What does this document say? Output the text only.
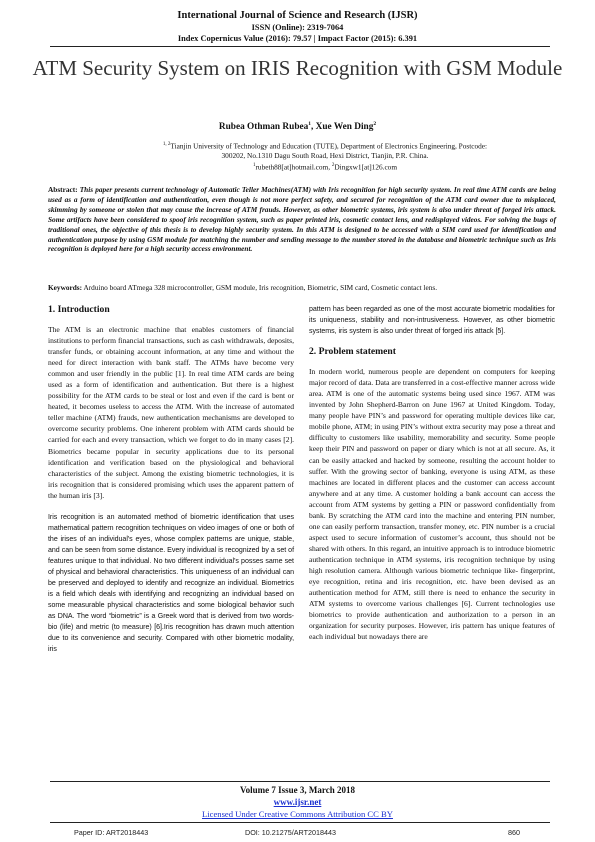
International Journal of Science and Research (IJSR)
ISSN (Online): 2319-7064
Index Copernicus Value (2016): 79.57 | Impact Factor (2015): 6.391
ATM Security System on IRIS Recognition with GSM Module
Rubea Othman Rubea$^1$, Xue Wen Ding$^2$
$^{1, 2}$Tianjin University of Technology and Education (TUTE), Department of Electronics Engineering, Postcode: 300202, No.1310 Dagu South Road, Hexi District, Tianjin, P.R. China.
$^1$rubeth88[at]hotmail.com, $^2$Dingxw1[at]126.com
Abstract: This paper presents current technology of Automatic Teller Machines(ATM) with Iris recognition for high security system. In real time ATM cards are being used as a form of identification and authentication, even though is not more perfect safety, and secured for recognition of the ATM card owner due to misplaced, skimming by someone or stolen that may cause the increase of ATM frauds. However, as other biometric systems, iris system is also under threat of forged iris attack. Some artifacts have been considered to spoof iris recognition system, such as paper printed iris, cosmetic contact lens, and redisplayed videos. For solving the bugs of traditional ones, the objective of this thesis is to develop highly security system. In this ATM is designed to be accessed with a SIM card used for identification and authentication purpose by using GSM module for matching the number and sending message to the number stored in the database and biometric technique such as Iris recognition is deployed here for a high security access environment.
Keywords: Arduino board ATmega 328 microcontroller, GSM module, Iris recognition, Biometric, SIM card, Cosmetic contact lens.
1. Introduction

The ATM is an electronic machine that enables customers of financial institutions to perform financial transactions, such as cash withdrawals, deposits, transfer funds, or obtaining account information, at any time and without the need for direct interaction with bank staff. The ATMs have become very common and user friendly in the public [1]. In real time ATM cards are being used as a form of identification and authentication. But there is a highest possibility for the ATM cards to be steal or lost and even if the card is bent or heated, it becomes useless to access the ATM. With the increase of automated teller machine (ATM) frauds, new authentication mechanisms are developed to overcome security problems. One inherent problem with ATM cards should be carried for each and every transaction, which we forget to do in many cases [2]. Biometrics became popular in security applications due to its personal identification and verification based on the physiological and behavioral characteristics of the subject. Among the existing biometric technologies, it is iris recognition that is considered promising which uses the apparent pattern of the human iris [3].

Iris recognition is an automated method of biometric identification that uses mathematical pattern recognition techniques on video images of one or both of the irises of an individual's eyes, whose complex patterns are unique, stable, and can be seen from some distance. Every individual is recognized by a set of features unique to that individual. No two different individual's posses same set of physical and behavioral characteristics. This uniqueness of an individual can be preserved and deployed to identify and recognize an individual. Biometrics is a field which deals with identifying and recognizing an individual based on some measurable physical characteristics and some biological behavior such as DNA. The word “biometric” is a Greek word that is derived from two words- bio (life) and metric (to measure) [6].Iris recognition has drawn much attention due to its convenience and security. Compared with other biometric modality, iris

pattern has been regarded as one of the most accurate biometric modalities for its uniqueness, stability and non-intrusiveness. However, as other biometric systems, iris system is also under threat of forged iris attack [5].

2. Problem statement

In modern world, numerous people are dependent on computers for keeping major record of data. Data are transferred in a cost-effective manner across wide area. ATM is one of the automatic systems being used since 1967. ATM was invented by John Shepherd-Barron on June 1967 at United Kingdom. Today, many people have PIN’s and password for operating multiple devices like car, mobile phone, ATM; in using PIN’s without extra security may pose a threat and difficulty to customers like usability, memorability and security. Some people keep their PIN and password on paper or diary which is not at all secure. As, it can be easily attacked and hacked by someone, resulting the account holder to suffer. With the growing sector of banking, everyone is using ATM, as these machines are located in different places and the customer can access account anywhere and at any time. A customer holding a bank account can access the account from ATM systems by getting a PIN or password confidentially from bank. By scratching the ATM card into the machine and entering PIN number, one can easily perform transaction, transfer money, etc. PIN number is a crucial aspect used to secure information of customer’s account, thus should not be shared with others. In this regard, an intuitive approach is to introduce biometric authentication technique in ATM systems, iris recognition technique by using high resolution camera. Although various biometric technique like- fingerprint, eye recognition, retina and iris recognition, etc. have been devised as an authentication method for ATM, still there is need to enhance the security in ATM systems to overcome various challenges [6]. Current technologies use biometrics to provide authentication and authorization to a person in an organization for security purposes. However, iris pattern has unique features of each individual but nowadays there are

Volume 7 Issue 3, March 2018
www.ijsr.net
Licensed Under Creative Commons Attribution CC BY
Paper ID: ART2018443	DOI: 10.21275/ART2018443	860
